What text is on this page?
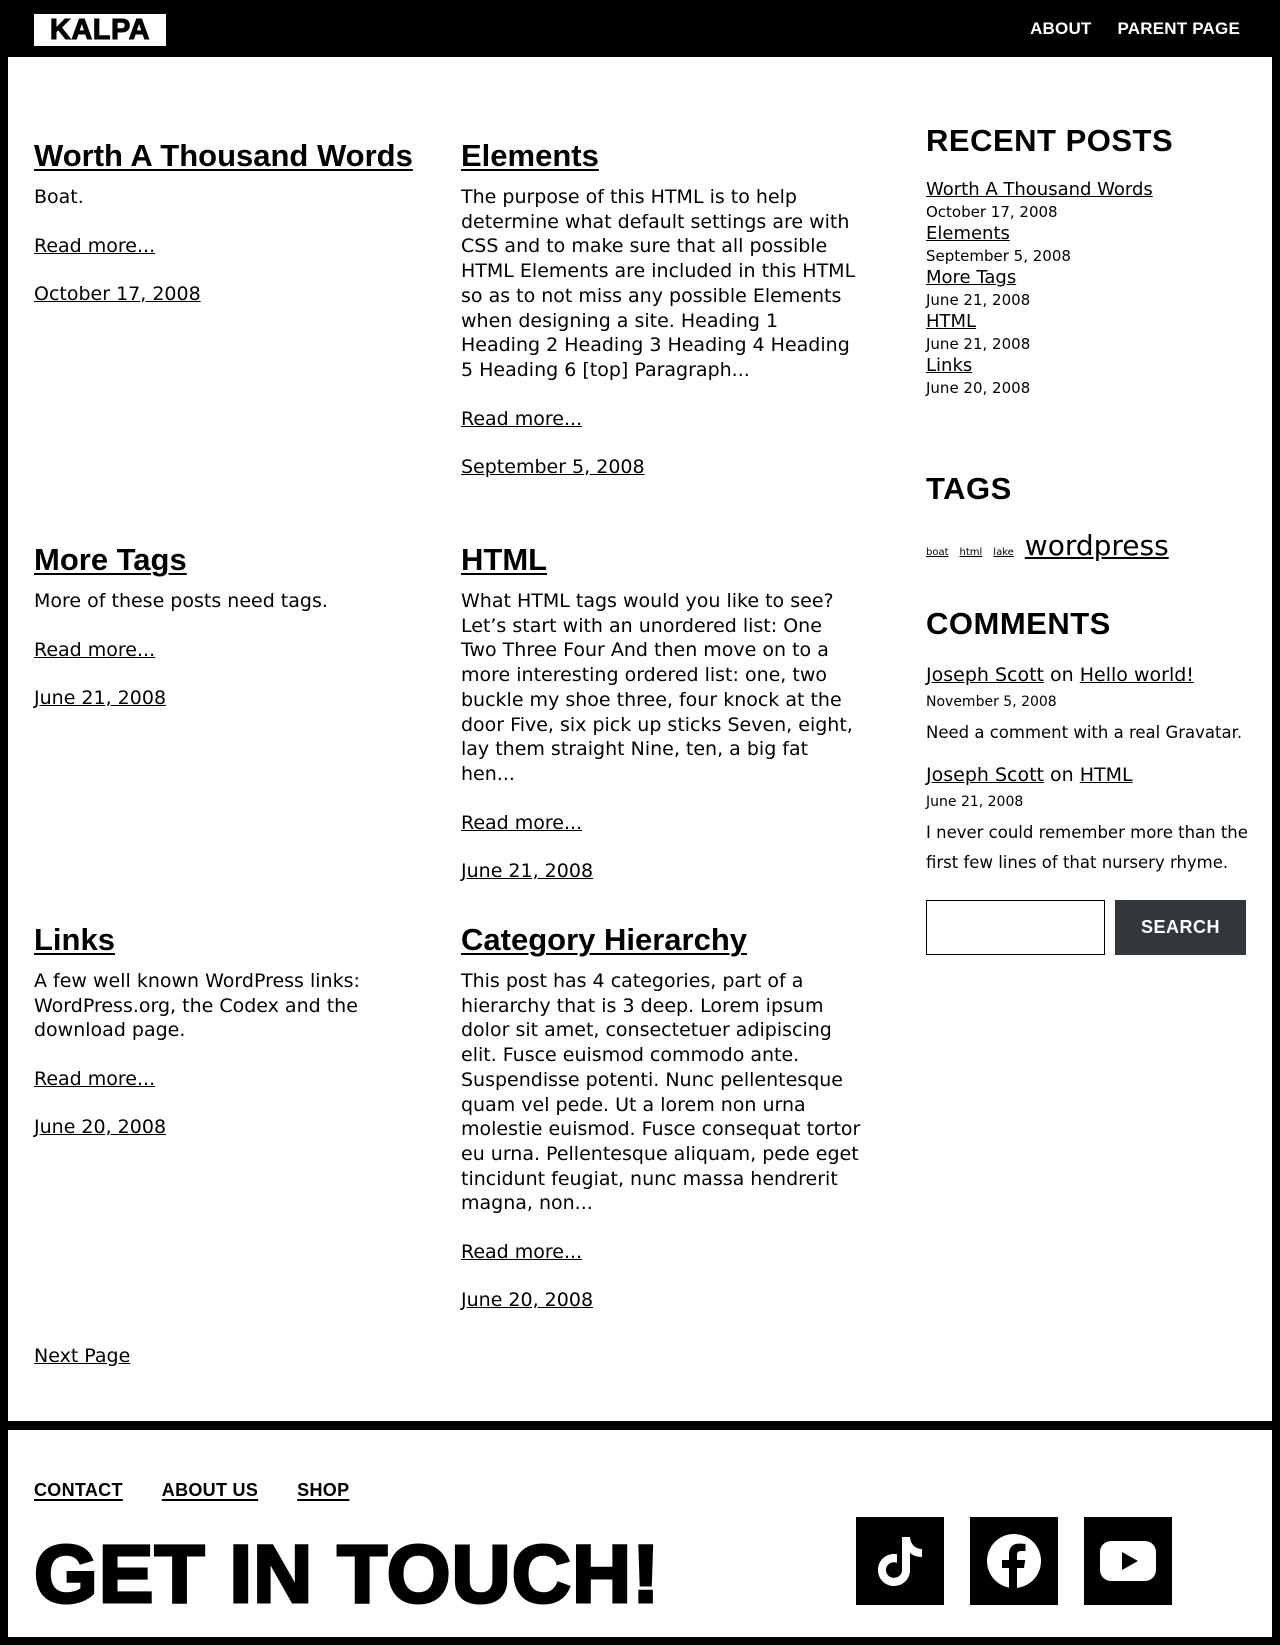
KALPA	ABOUT PARENT PAGE
Worth A Thousand Words

Boat.

Read more...
October 17, 2008
Elements

The purpose of this HTML is to help determine what default settings are with CSS and to make sure that all possible HTML Elements are included in this HTML so as to not miss any possible Elements when designing a site. Heading 1 Heading 2 Heading 3 Heading 4 Heading 5 Heading 6 [top] Paragraph...

Read more...
September 5, 2008
More Tags

More of these posts need tags.

Read more...
June 21, 2008
HTML

What HTML tags would you like to see? Let’s start with an unordered list: One Two Three Four And then move on to a more interesting ordered list: one, two buckle my shoe three, four knock at the door Five, six pick up sticks Seven, eight, lay them straight Nine, ten, a big fat hen...

Read more...
June 21, 2008
Links

A few well known WordPress links: WordPress.org, the Codex and the download page.

Read more...
June 20, 2008
Category Hierarchy

This post has 4 categories, part of a hierarchy that is 3 deep. Lorem ipsum dolor sit amet, consectetuer adipiscing elit. Fusce euismod commodo ante. Suspendisse potenti. Nunc pellentesque quam vel pede. Ut a lorem non urna molestie euismod. Fusce consequat tortor eu urna. Pellentesque aliquam, pede eget tincidunt feugiat, nunc massa hendrerit magna, non...

Read more...
June 20, 2008
Next Page
RECENT POSTS
Worth A Thousand Words
October 17, 2008
Elements
September 5, 2008
More Tags
June 21, 2008
HTML
June 21, 2008
Links
June 20, 2008
TAGS
boat html lake wordpress
COMMENTS
Joseph Scott on Hello world!
November 5, 2008

Need a comment with a real Gravatar.

Joseph Scott on HTML
June 21, 2008

I never could remember more than the first few lines of that nursery rhyme.

SEARCH
CONTACT ABOUT US SHOP
GET IN TOUCH!
